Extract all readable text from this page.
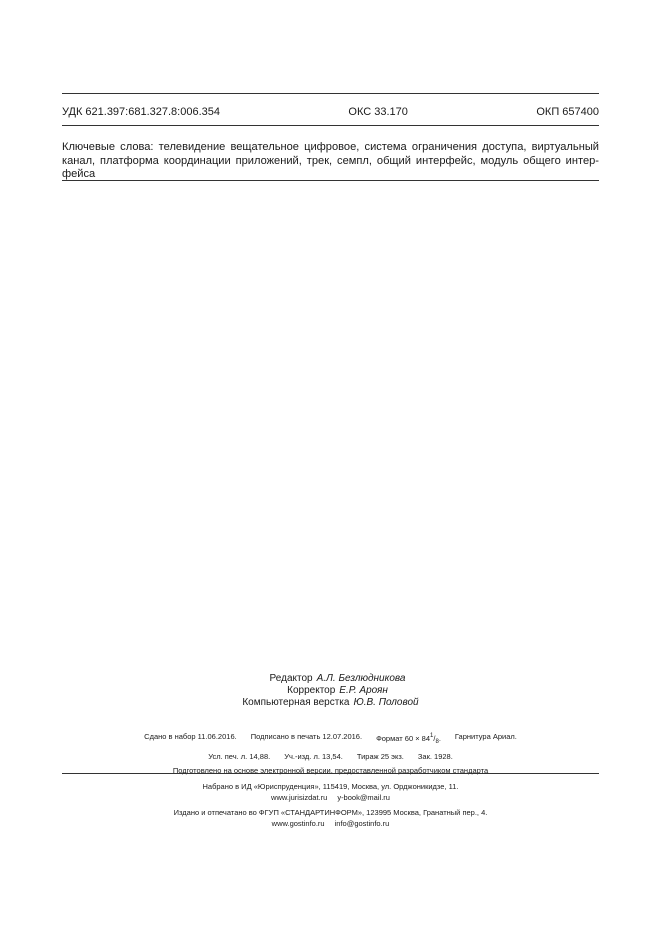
УДК 621.397:681.327.8:006.354	ОКС 33.170	ОКП 657400
Ключевые слова: телевидение вещательное цифровое, система ограничения доступа, виртуальный канал, платформа координации приложений, трек, семпл, общий интерфейс, модуль общего интер-фейса
Редактор А.Л. Безлюдникова
Корректор Е.Р. Ароян
Компьютерная верстка Ю.В. Половой
Сдано в набор 11.06.2016. Подписано в печать 12.07.2016. Формат $60 \times 84^1/_8$. Гарнитура Ариал.
Усл. печ. л. 14,88. Уч.-изд. л. 13,54. Тираж 25 экз. Зак. 1928.
Подготовлено на основе электронной версии, предоставленной разработчиком стандарта
Набрано в ИД «Юриспруденция», 115419, Москва, ул. Орджоникидзе, 11.
www.jurisizdat.ru y-book@mail.ru
Издано и отпечатано во ФГУП «СТАНДАРТИНФОРМ», 123995 Москва, Гранатный пер., 4.
www.gostinfo.ru info@gostinfo.ru
